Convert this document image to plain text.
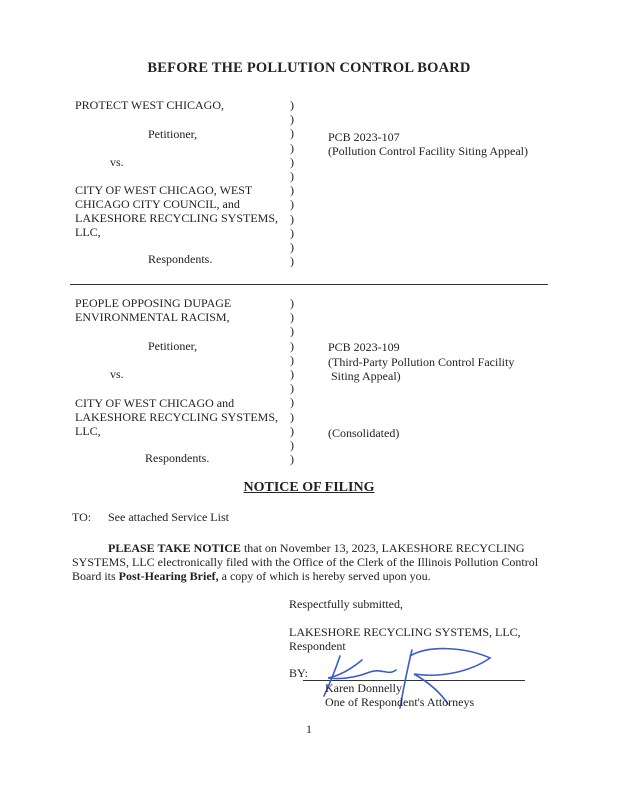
BEFORE THE POLLUTION CONTROL BOARD
PROTECT WEST CHICAGO,
Petitioner,
vs.
CITY OF WEST CHICAGO, WEST
CHICAGO CITY COUNCIL, and
LAKESHORE RECYCLING SYSTEMS,
LLC,
Respondents.
)
)
)
)
)
)
)
)
)
)
)
)
PCB 2023-107
(Pollution Control Facility Siting Appeal)
PEOPLE OPPOSING DUPAGE
ENVIRONMENTAL RACISM,
Petitioner,
vs.
CITY OF WEST CHICAGO and
LAKESHORE RECYCLING SYSTEMS,
LLC,
Respondents.
)
)
)
)
)
)
)
)
)
)
)
)
PCB 2023-109
(Third-Party Pollution Control Facility
Siting Appeal)
(Consolidated)
NOTICE OF FILING
TO: See attached Service List
PLEASE TAKE NOTICE that on November 13, 2023, LAKESHORE RECYCLING SYSTEMS, LLC electronically filed with the Office of the Clerk of the Illinois Pollution Control Board its Post-Hearing Brief, a copy of which is hereby served upon you.
Respectfully submitted,
LAKESHORE RECYCLING SYSTEMS, LLC,
Respondent
BY:
Karen Donnelly
One of Respondent's Attorneys
1
